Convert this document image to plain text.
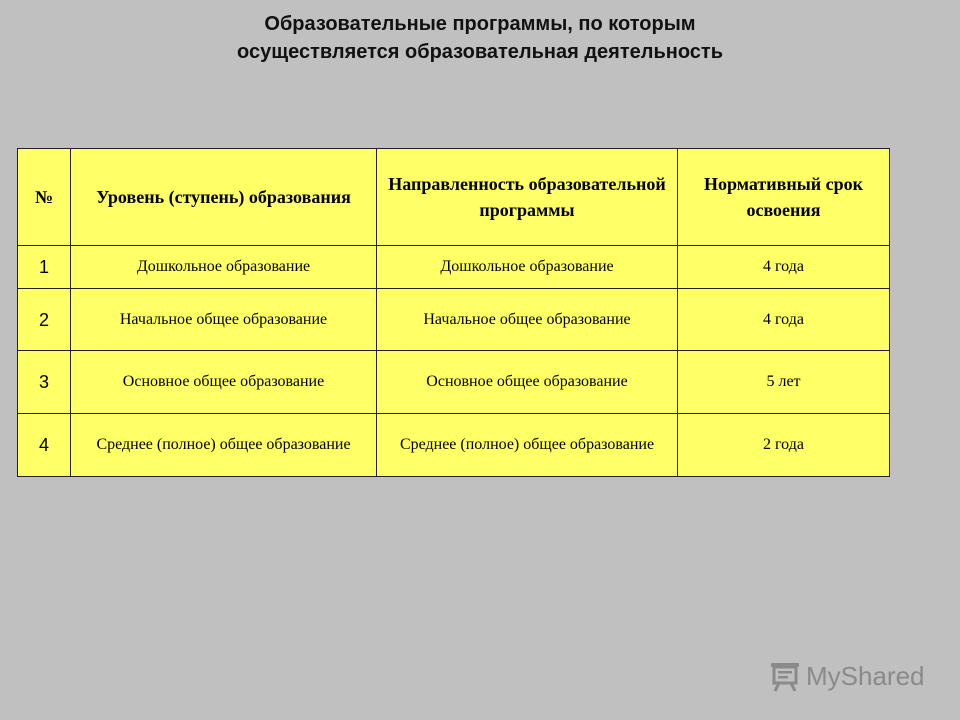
Образовательные программы, по которым
осуществляется образовательная деятельность
№	Уровень (ступень) образования	Направленность образовательной программы	Нормативный срок освоения
1	Дошкольное образование	Дошкольное образование	4 года
2	Начальное общее образование	Начальное общее образование	4 года
3	Основное общее образование	Основное общее образование	5 лет
4	Среднее (полное) общее образование	Среднее (полное) общее образование	2 года
MyShared
